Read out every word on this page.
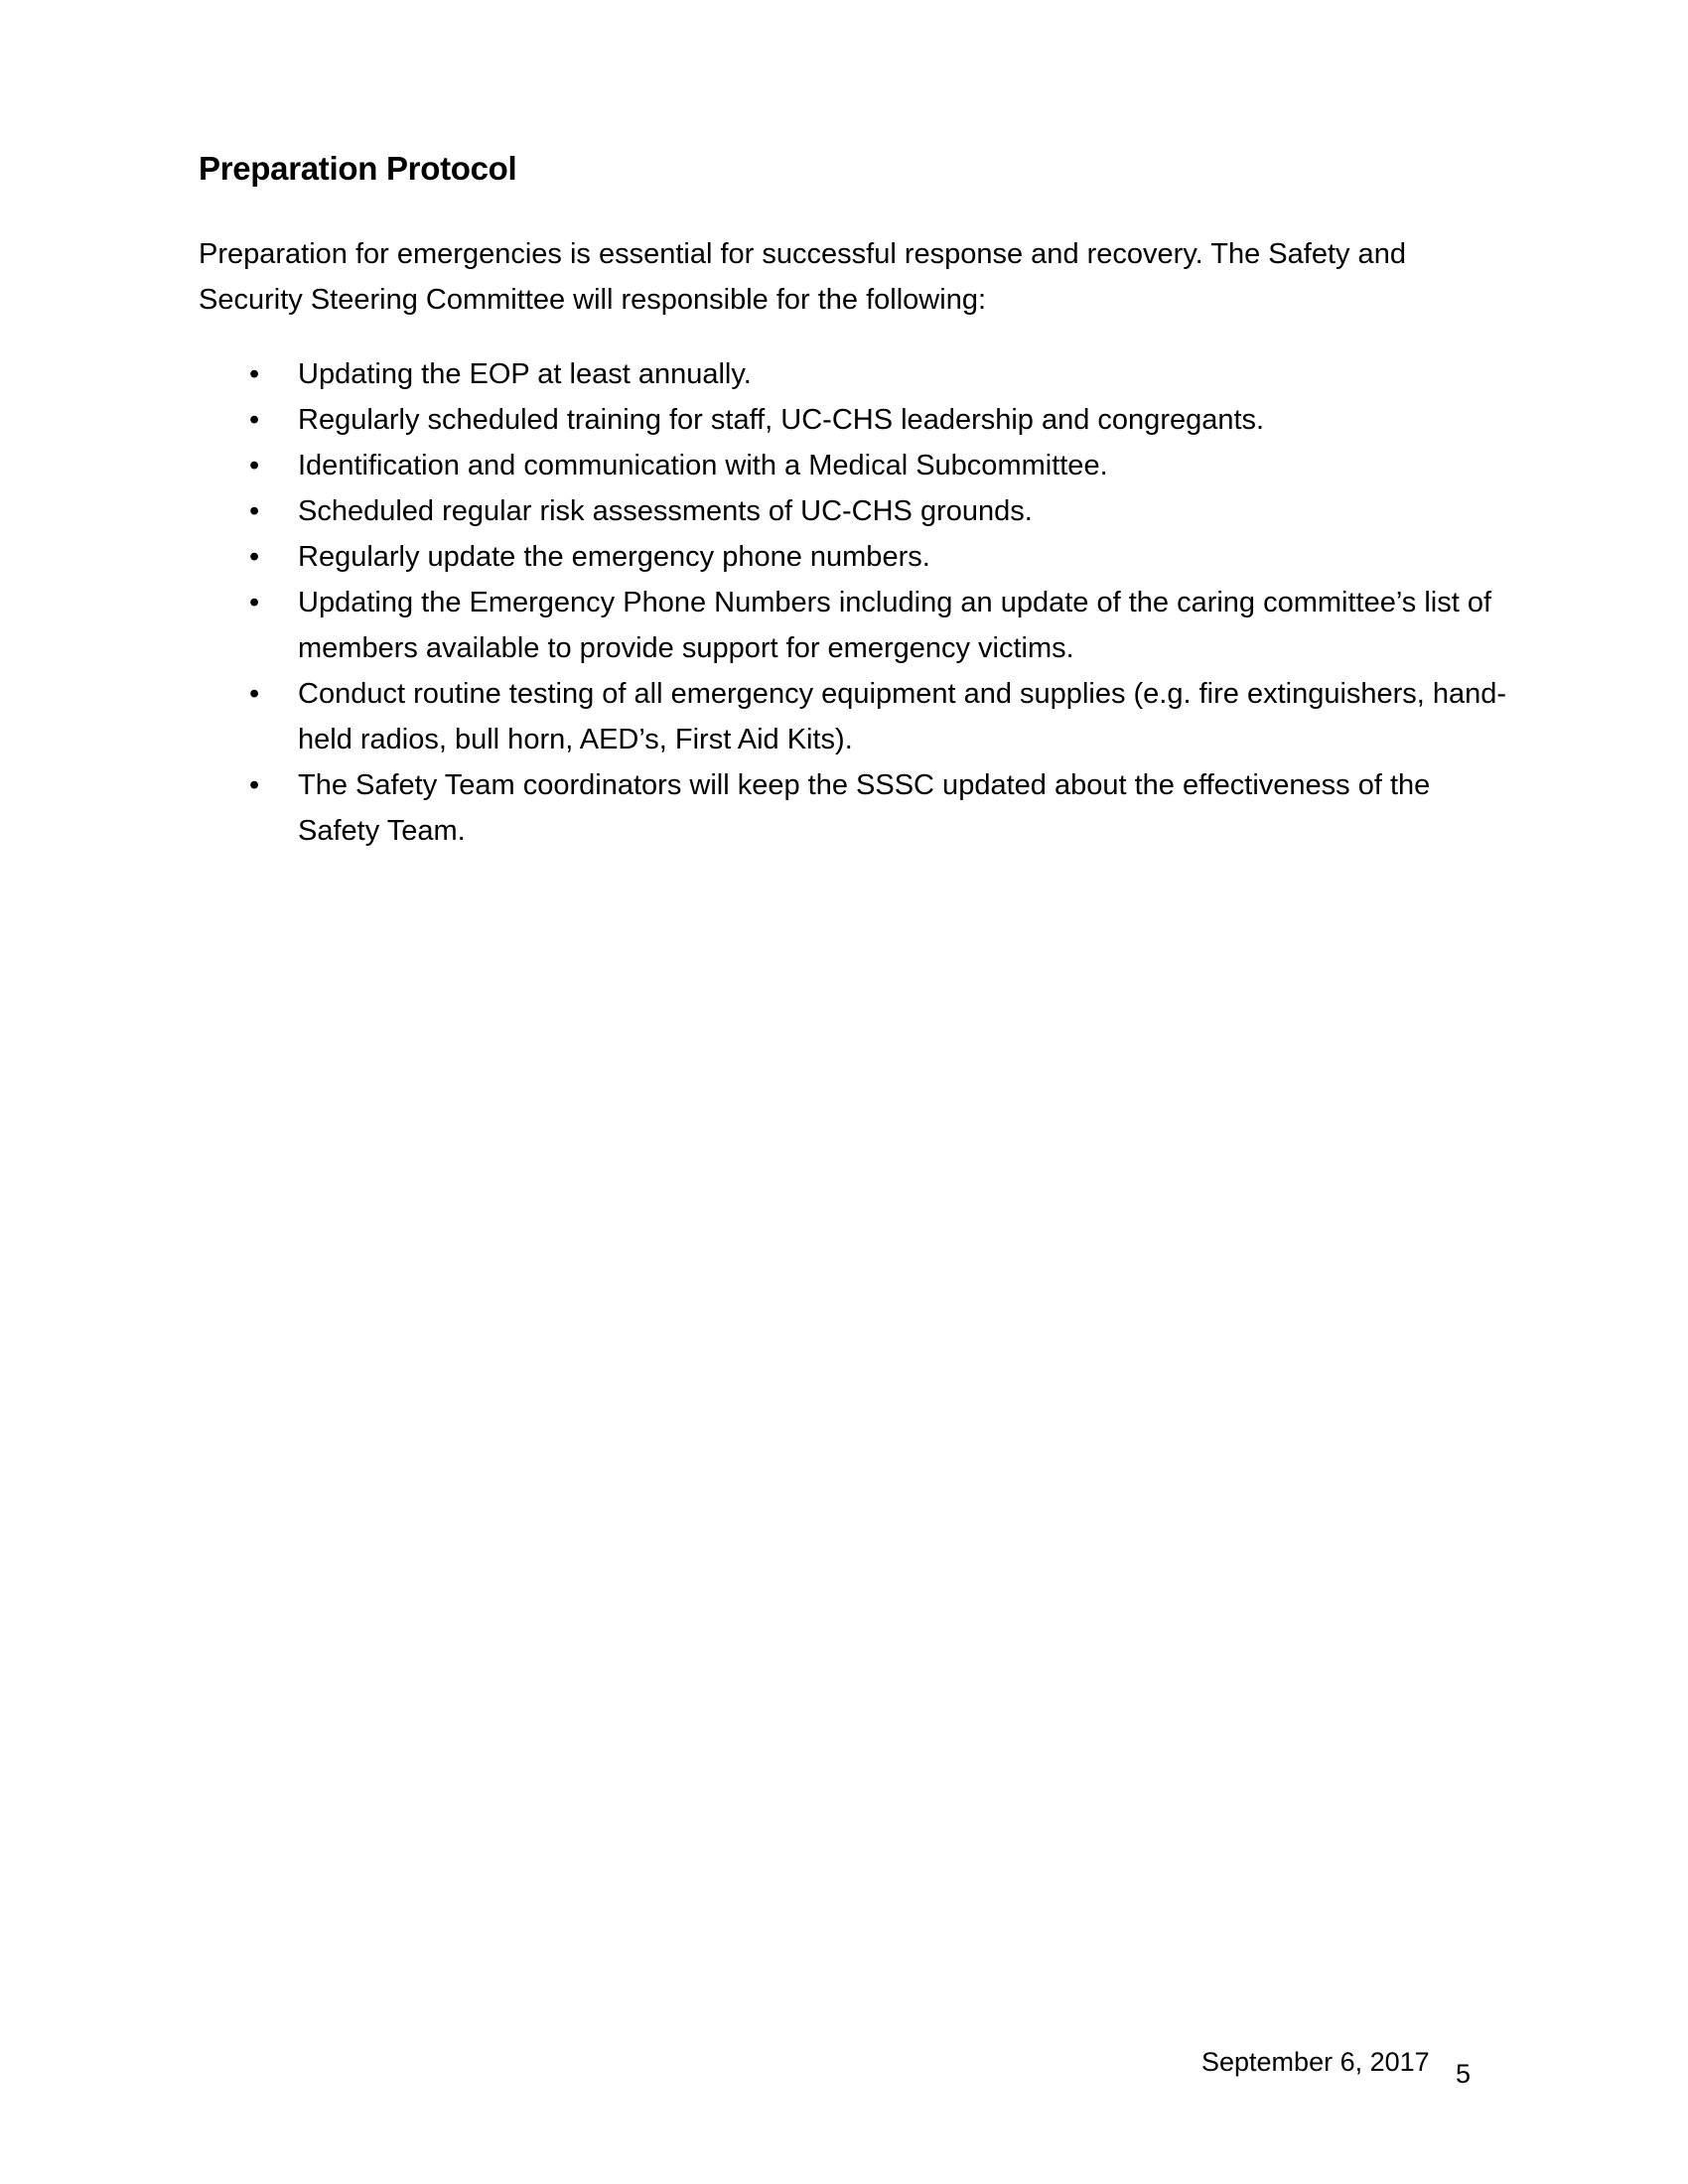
Preparation Protocol
Preparation for emergencies is essential for successful response and recovery. The Safety and Security Steering Committee will responsible for the following:
• Updating the EOP at least annually.
• Regularly scheduled training for staff, UC-CHS leadership and congregants.
• Identification and communication with a Medical Subcommittee.
• Scheduled regular risk assessments of UC-CHS grounds.
• Regularly update the emergency phone numbers.
• Updating the Emergency Phone Numbers including an update of the caring committee’s list of members available to provide support for emergency victims.
• Conduct routine testing of all emergency equipment and supplies (e.g. fire extinguishers, hand-held radios, bull horn, AED’s, First Aid Kits).
• The Safety Team coordinators will keep the SSSC updated about the effectiveness of the Safety Team.
September 6, 2017 5
